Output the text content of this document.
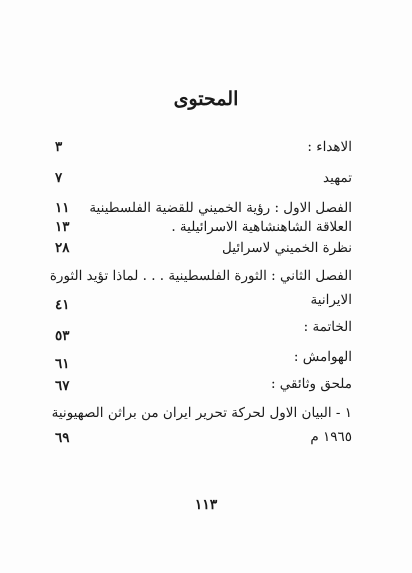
المحتوى
الاهداء :
٣
تمهيد
٧
الفصل الاول : رؤية الخميني للقضية الفلسطينية
١١
العلاقة الشاهنشاهية الاسرائيلية .
١٣
نظرة الخميني لاسرائيل
٢٨
الفصل الثاني : الثورة الفلسطينية . . . لماذا تؤيد الثورة
الايرانية
٤١
الخاتمة :
٥٣
الهوامش :
٦١
ملحق وثائقي :
٦٧
١ - البيان الاول لحركة تحرير ايران من براثن الصهيونية
١٩٦٥ م
٦٩
١١٣
